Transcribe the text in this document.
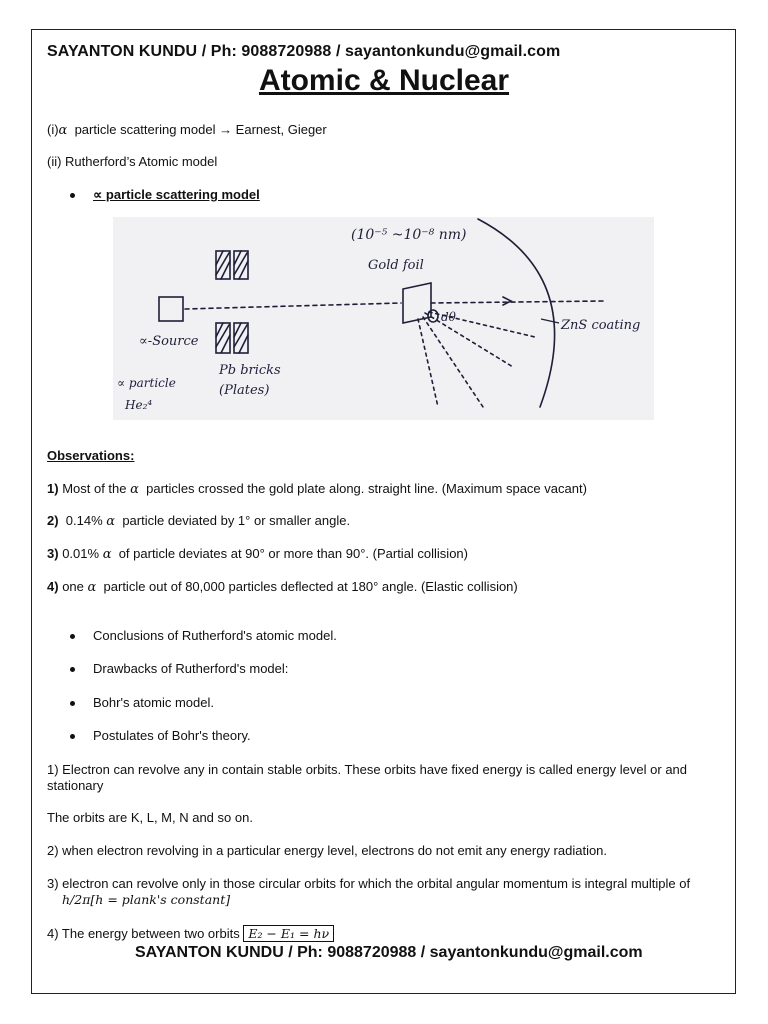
SAYANTON KUNDU / Ph: 9088720988 / sayantonkundu@gmail.com
Atomic & Nuclear
(i)α particle scattering model → Earnest, Gieger
(ii) Rutherford’s Atomic model
∝ particle scattering model
(10⁻⁵ ~10⁻⁸ nm)
Gold foil
∝-Source
Pb bricks
(Plates)
∝ particle
He₂⁴
dθ
ZnS coating
Observations:
1) Most of the α particles crossed the gold plate along. straight line. (Maximum space vacant)
2) 0.14% α particle deviated by 1° or smaller angle.
3) 0.01% α of particle deviates at 90° or more than 90°. (Partial collision)
4) one α particle out of 80,000 particles deflected at 180° angle. (Elastic collision)
Conclusions of Rutherford's atomic model.
Drawbacks of Rutherford's model:
Bohr's atomic model.
Postulates of Bohr's theory.
1) Electron can revolve any in contain stable orbits. These orbits have fixed energy is called energy level or and stationary
The orbits are K, L, M, N and so on.
2) when electron revolving in a particular energy level, electrons do not emit any energy radiation.
3) electron can revolve only in those circular orbits for which the orbital angular momentum is integral multiple of
h/2π[h = plank's constant]
4) The energy between two orbits E₂ − E₁ = hν
SAYANTON KUNDU / Ph: 9088720988 / sayantonkundu@gmail.com
